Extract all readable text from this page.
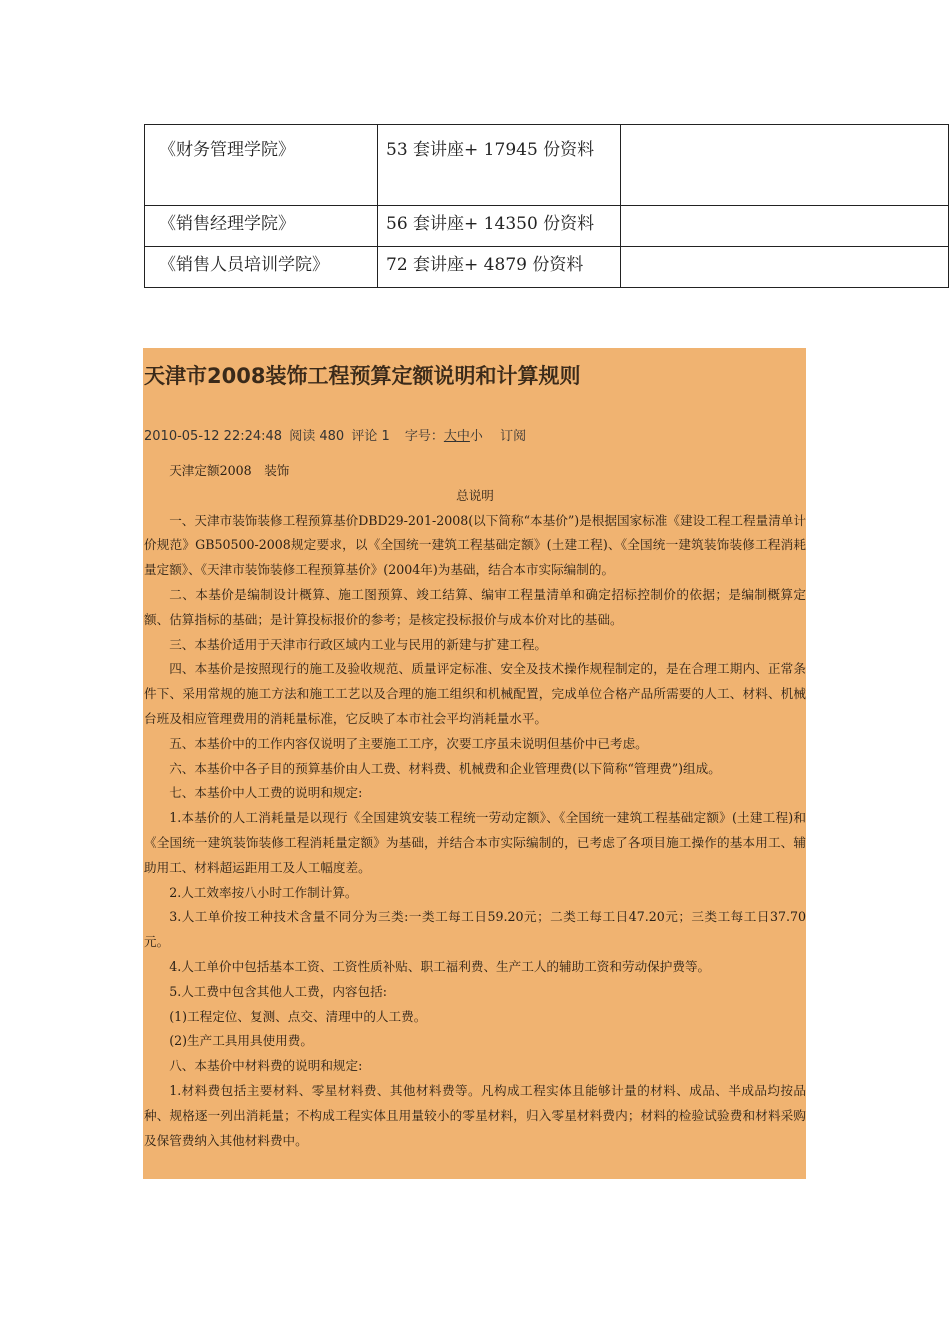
《财务管理学院》	53 套讲座+ 17945 份资料	
《销售经理学院》	56 套讲座+ 14350 份资料	
《销售人员培训学院》	72 套讲座+ 4879 份资料	
天津市2008装饰工程预算定额说明和计算规则
2010-05-12 22:24:48 阅读 480 评论 1 字号：大中小 订阅

天津定额2008　装饰

总说明

一、天津市装饰装修工程预算基价DBD29-201-2008(以下简称“本基价”)是根据国家标准《建设工程工程量清单计价规范》GB50500-2008规定要求，以《全国统一建筑工程基础定额》(土建工程)、《全国统一建筑装饰装修工程消耗量定额》、《天津市装饰装修工程预算基价》(2004年)为基础，结合本市实际编制的。

二、本基价是编制设计概算、施工图预算、竣工结算、编审工程量清单和确定招标控制价的依据；是编制概算定额、估算指标的基础；是计算投标报价的参考；是核定投标报价与成本价对比的基础。

三、本基价适用于天津市行政区域内工业与民用的新建与扩建工程。

四、本基价是按照现行的施工及验收规范、质量评定标准、安全及技术操作规程制定的，是在合理工期内、正常条件下、采用常规的施工方法和施工工艺以及合理的施工组织和机械配置，完成单位合格产品所需要的人工、材料、机械台班及相应管理费用的消耗量标准，它反映了本市社会平均消耗量水平。

五、本基价中的工作内容仅说明了主要施工工序，次要工序虽未说明但基价中已考虑。

六、本基价中各子目的预算基价由人工费、材料费、机械费和企业管理费(以下简称“管理费”)组成。

七、本基价中人工费的说明和规定:

1.本基价的人工消耗量是以现行《全国建筑安装工程统一劳动定额》、《全国统一建筑工程基础定额》(土建工程)和《全国统一建筑装饰装修工程消耗量定额》为基础，并结合本市实际编制的，已考虑了各项目施工操作的基本用工、辅助用工、材料超运距用工及人工幅度差。

2.人工效率按八小时工作制计算。

3.人工单价按工种技术含量不同分为三类:一类工每工日59.20元；二类工每工日47.20元；三类工每工日37.70元。

4.人工单价中包括基本工资、工资性质补贴、职工福利费、生产工人的辅助工资和劳动保护费等。

5.人工费中包含其他人工费，内容包括:

(1)工程定位、复测、点交、清理中的人工费。

(2)生产工具用具使用费。

八、本基价中材料费的说明和规定:

1.材料费包括主要材料、零星材料费、其他材料费等。凡构成工程实体且能够计量的材料、成品、半成品均按品种、规格逐一列出消耗量；不构成工程实体且用量较小的零星材料，归入零星材料费内；材料的检验试验费和材料采购及保管费纳入其他材料费中。
